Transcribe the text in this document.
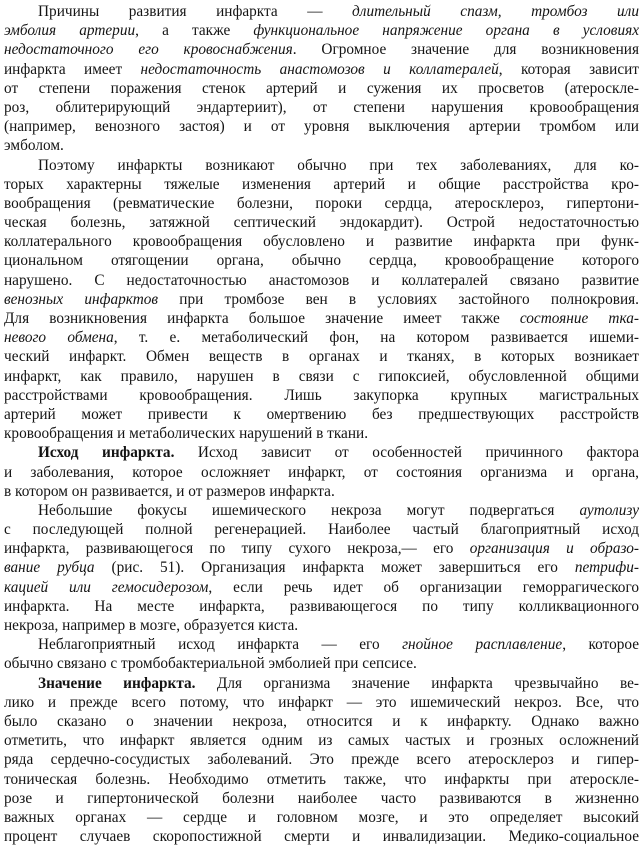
Причины развития инфаркта — длительный спазм, тромбоз или
эмболия артерии, а также функциональное напряжение органа в условиях
недостаточного его кровоснабжения. Огромное значение для возникновения
инфаркта имеет недостаточность анастомозов и коллатералей, которая зависит
от степени поражения стенок артерий и сужения их просветов (атероскле-
роз, облитерирующий эндартериит), от степени нарушения кровообращения
(например, венозного застоя) и от уровня выключения артерии тромбом или
эмболом.
Поэтому инфаркты возникают обычно при тех заболеваниях, для ко-
торых характерны тяжелые изменения артерий и общие расстройства кро-
вообращения (ревматические болезни, пороки сердца, атеросклероз, гипертони-
ческая болезнь, затяжной септический эндокардит). Острой недостаточностью
коллатерального кровообращения обусловлено и развитие инфаркта при функ-
циональном отягощении органа, обычно сердца, кровообращение которого
нарушено. С недостаточностью анастомозов и коллатералей связано развитие
венозных инфарктов при тромбозе вен в условиях застойного полнокровия.
Для возникновения инфаркта большое значение имеет также состояние тка-
невого обмена, т. е. метаболический фон, на котором развивается ишеми-
ческий инфаркт. Обмен веществ в органах и тканях, в которых возникает
инфаркт, как правило, нарушен в связи с гипоксией, обусловленной общими
расстройствами кровообращения. Лишь закупорка крупных магистральных
артерий может привести к омертвению без предшествующих расстройств
кровообращения и метаболических нарушений в ткани.
Исход инфаркта. Исход зависит от особенностей причинного фактора
и заболевания, которое осложняет инфаркт, от состояния организма и органа,
в котором он развивается, и от размеров инфаркта.
Небольшие фокусы ишемического некроза могут подвергаться аутолизу
с последующей полной регенерацией. Наиболее частый благоприятный исход
инфаркта, развивающегося по типу сухого некроза,— его организация и образо-
вание рубца (рис. 51). Организация инфаркта может завершиться его петрифи-
кацией или гемосидерозом, если речь идет об организации геморрагического
инфаркта. На месте инфаркта, развивающегося по типу колликвационного
некроза, например в мозге, образуется киста.
Неблагоприятный исход инфаркта — его гнойное расплавление, которое
обычно связано с тромбобактериальной эмболией при сепсисе.
Значение инфаркта. Для организма значение инфаркта чрезвычайно ве-
лико и прежде всего потому, что инфаркт — это ишемический некроз. Все, что
было сказано о значении некроза, относится и к инфаркту. Однако важно
отметить, что инфаркт является одним из самых частых и грозных осложнений
ряда сердечно-сосудистых заболеваний. Это прежде всего атеросклероз и гипер-
тоническая болезнь. Необходимо отметить также, что инфаркты при атероскле-
розе и гипертонической болезни наиболее часто развиваются в жизненно
важных органах — сердце и головном мозге, и это определяет высокий
процент случаев скоропостижной смерти и инвалидизации. Медико-социальное
